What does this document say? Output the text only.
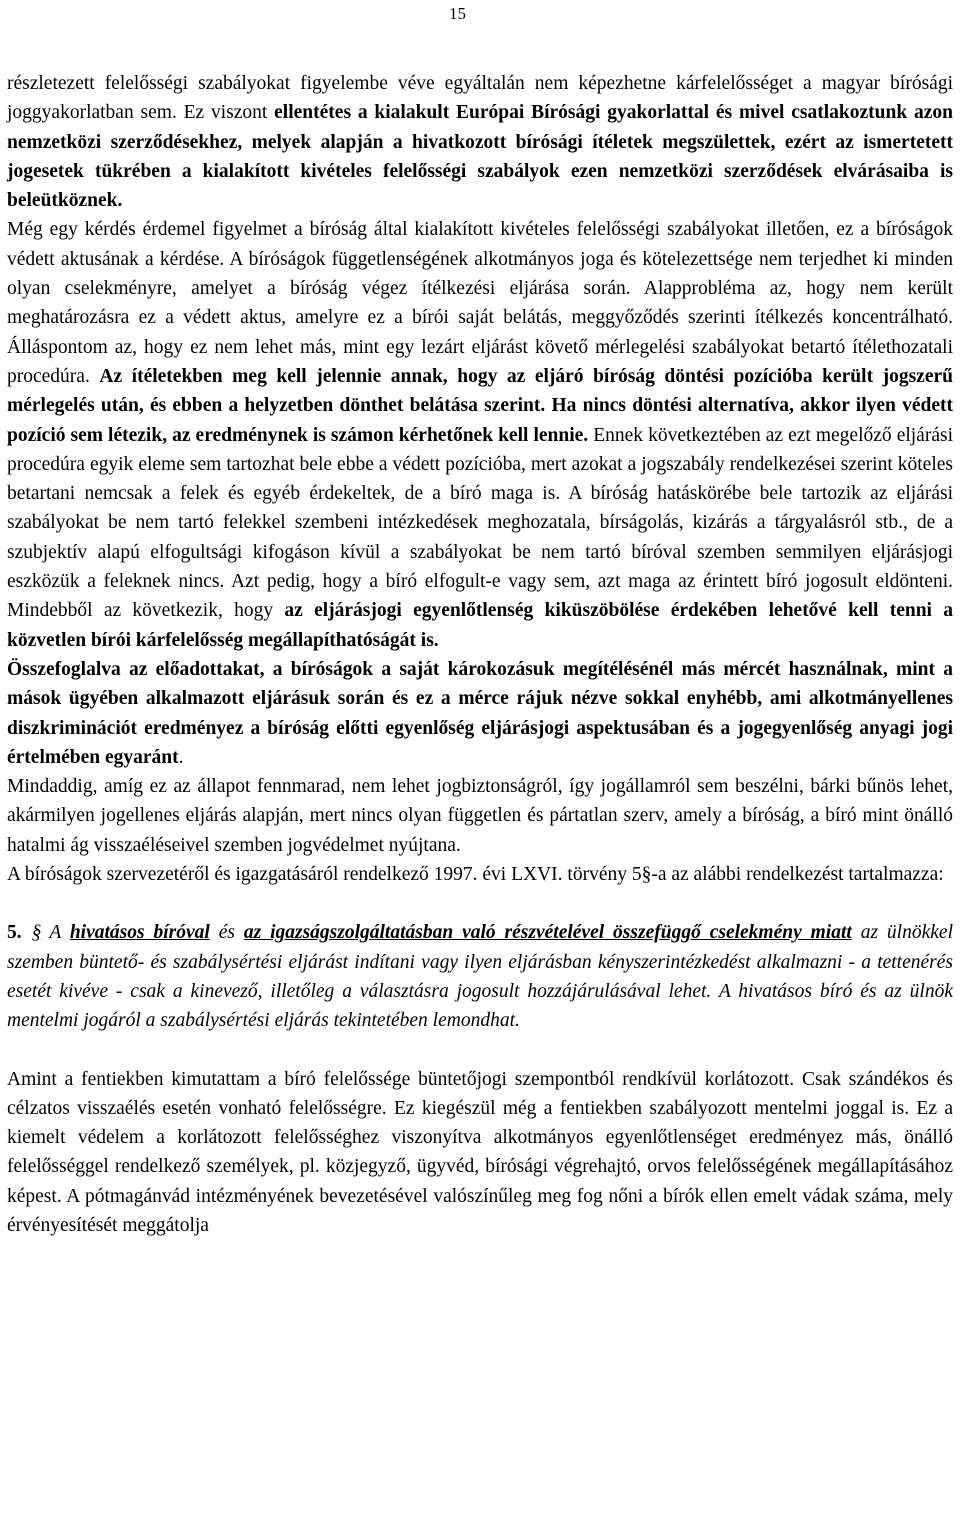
15

részletezett felelősségi szabályokat figyelembe véve egyáltalán nem képezhetne kárfelelősséget a magyar bírósági joggyakorlatban sem. Ez viszont ellentétes a kialakult Európai Bírósági gyakorlattal és mivel csatlakoztunk azon nemzetközi szerződésekhez, melyek alapján a hivatkozott bírósági ítéletek megszülettek, ezért az ismertetett jogesetek tükrében a kialakított kivételes felelősségi szabályok ezen nemzetközi szerződések elvárásaiba is beleütköznek.

Még egy kérdés érdemel figyelmet a bíróság által kialakított kivételes felelősségi szabályokat illetően, ez a bíróságok védett aktusának a kérdése. A bíróságok függetlenségének alkotmányos joga és kötelezettsége nem terjedhet ki minden olyan cselekményre, amelyet a bíróság végez ítélkezési eljárása során. Alapprobléma az, hogy nem került meghatározásra ez a védett aktus, amelyre ez a bírói saját belátás, meggyőződés szerinti ítélkezés koncentrálható. Álláspontom az, hogy ez nem lehet más, mint egy lezárt eljárást követő mérlegelési szabályokat betartó ítélethozatali procedúra. Az ítéletekben meg kell jelennie annak, hogy az eljáró bíróság döntési pozícióba került jogszerű mérlegelés után, és ebben a helyzetben dönthet belátása szerint. Ha nincs döntési alternatíva, akkor ilyen védett pozíció sem létezik, az eredménynek is számon kérhetőnek kell lennie. Ennek következtében az ezt megelőző eljárási procedúra egyik eleme sem tartozhat bele ebbe a védett pozícióba, mert azokat a jogszabály rendelkezései szerint köteles betartani nemcsak a felek és egyéb érdekeltek, de a bíró maga is. A bíróság hatáskörébe bele tartozik az eljárási szabályokat be nem tartó felekkel szembeni intézkedések meghozatala, bírságolás, kizárás a tárgyalásról stb., de a szubjektív alapú elfogultsági kifogáson kívül a szabályokat be nem tartó bíróval szemben semmilyen eljárásjogi eszközük a feleknek nincs. Azt pedig, hogy a bíró elfogult-e vagy sem, azt maga az érintett bíró jogosult eldönteni. Mindebből az következik, hogy az eljárásjogi egyenlőtlenség kiküszöbölése érdekében lehetővé kell tenni a közvetlen bírói kárfelelősség megállapíthatóságát is.

Összefoglalva az előadottakat, a bíróságok a saját károkozásuk megítélésénél más mércét használnak, mint a mások ügyében alkalmazott eljárásuk során és ez a mérce rájuk nézve sokkal enyhébb, ami alkotmányellenes diszkriminációt eredményez a bíróság előtti egyenlőség eljárásjogi aspektusában és a jogegyenlőség anyagi jogi értelmében egyaránt.

Mindaddig, amíg ez az állapot fennmarad, nem lehet jogbiztonságról, így jogállamról sem beszélni, bárki bűnös lehet, akármilyen jogellenes eljárás alapján, mert nincs olyan független és pártatlan szerv, amely a bíróság, a bíró mint önálló hatalmi ág visszaéléseivel szemben jogvédelmet nyújtana.

A bíróságok szervezetéről és igazgatásáról rendelkező 1997. évi LXVI. törvény 5§-a az alábbi rendelkezést tartalmazza:

5. § A hivatásos bíróval és az igazságszolgáltatásban való részvételével összefüggő cselekmény miatt az ülnökkel szemben büntető- és szabálysértési eljárást indítani vagy ilyen eljárásban kényszerintézkedést alkalmazni - a tettenérés esetét kivéve - csak a kinevező, illetőleg a választásra jogosult hozzájárulásával lehet. A hivatásos bíró és az ülnök mentelmi jogáról a szabálysértési eljárás tekintetében lemondhat.

Amint a fentiekben kimutattam a bíró felelőssége büntetőjogi szempontból rendkívül korlátozott. Csak szándékos és célzatos visszaélés esetén vonható felelősségre. Ez kiegészül még a fentiekben szabályozott mentelmi joggal is. Ez a kiemelt védelem a korlátozott felelősséghez viszonyítva alkotmányos egyenlőtlenséget eredményez más, önálló felelősséggel rendelkező személyek, pl. közjegyző, ügyvéd, bírósági végrehajtó, orvos felelősségének megállapításához képest. A pótmagánvád intézményének bevezetésével valószínűleg meg fog nőni a bírók ellen emelt vádak száma, mely érvényesítését meggátolja
